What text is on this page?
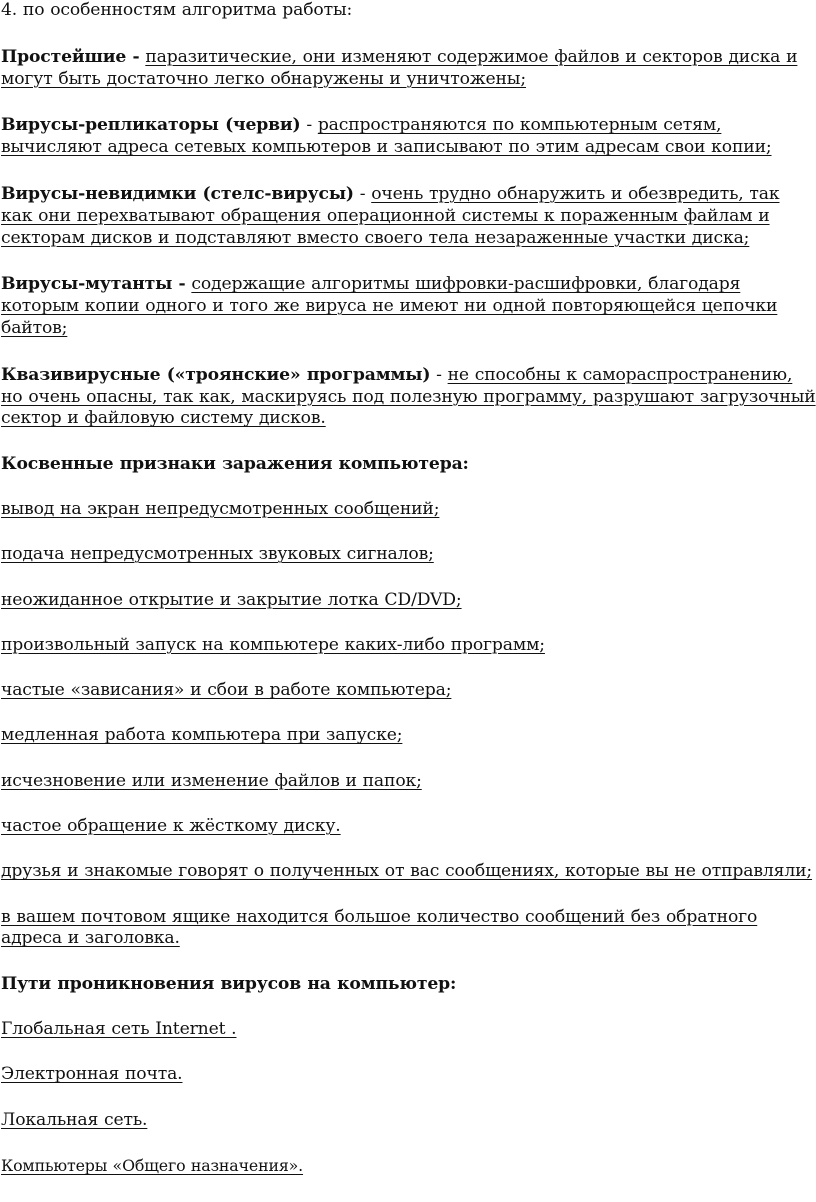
4. по особенностям алгоритма работы:

Простейшие - паразитические, они изменяют содержимое файлов и секторов диска и могут быть достаточно легко обнаружены и уничтожены;

Вирусы-репликаторы (черви) - распространяются по компьютерным сетям, вычисляют адреса сетевых компьютеров и записывают по этим адресам свои копии;

Вирусы-невидимки (стелс-вирусы) - очень трудно обнаружить и обезвредить, так как они перехватывают обращения операционной системы к пораженным файлам и секторам дисков и подставляют вместо своего тела незараженные участки диска;

Вирусы-мутанты - содержащие алгоритмы шифровки-расшифровки, благодаря которым копии одного и того же вируса не имеют ни одной повторяющейся цепочки байтов;

Квазивирусные («троянские» программы) - не способны к самораспространению, но очень опасны, так как, маскируясь под полезную программу, разрушают загрузочный сектор и файловую систему дисков.

Косвенные признаки заражения компьютера:

вывод на экран непредусмотренных сообщений;

подача непредусмотренных звуковых сигналов;

неожиданное открытие и закрытие лотка CD/DVD;

произвольный запуск на компьютере каких-либо программ;

частые «зависания» и сбои в работе компьютера;

медленная работа компьютера при запуске;

исчезновение или изменение файлов и папок;

частое обращение к жёсткому диску.

друзья и знакомые говорят о полученных от вас сообщениях, которые вы не отправляли;

в вашем почтовом ящике находится большое количество сообщений без обратного адреса и заголовка.

Пути проникновения вирусов на компьютер:

Глобальная сеть Internet .

Электронная почта.

Локальная сеть.

Компьютеры «Общего назначения».
